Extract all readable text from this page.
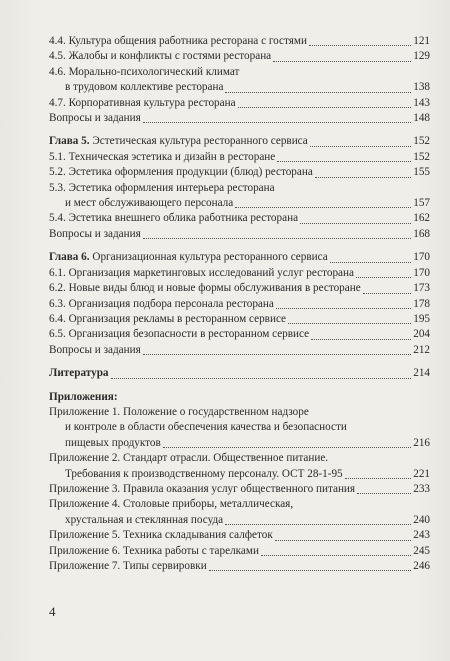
4.4. Культура общения работника ресторана с гостями	121
4.5. Жалобы и конфликты с гостями ресторана	129
4.6. Морально-психологический климат
в трудовом коллективе ресторана	138
4.7. Корпоративная культура ресторана	143
Вопросы и задания	148
Глава 5. Эстетическая культура ресторанного сервиса	152
5.1. Техническая эстетика и дизайн в ресторане	152
5.2. Эстетика оформления продукции (блюд) ресторана	155
5.3. Эстетика оформления интерьера ресторана
и мест обслуживающего персонала	157
5.4. Эстетика внешнего облика работника ресторана	162
Вопросы и задания	168
Глава 6. Организационная культура ресторанного сервиса	170
6.1. Организация маркетинговых исследований услуг ресторана	170
6.2. Новые виды блюд и новые формы обслуживания в ресторане	173
6.3. Организация подбора персонала ресторана	178
6.4. Организация рекламы в ресторанном сервисе	195
6.5. Организация безопасности в ресторанном сервисе	204
Вопросы и задания	212
Литература	214
Приложения:
Приложение 1. Положение о государственном надзоре
и контроле в области обеспечения качества и безопасности
пищевых продуктов	216
Приложение 2. Стандарт отрасли. Общественное питание.
Требования к производственному персоналу. ОСТ 28-1-95	221
Приложение 3. Правила оказания услуг общественного питания	233
Приложение 4. Столовые приборы, металлическая,
хрустальная и стеклянная посуда	240
Приложение 5. Техника складывания салфеток	243
Приложение 6. Техника работы с тарелками	245
Приложение 7. Типы сервировки	246
4
